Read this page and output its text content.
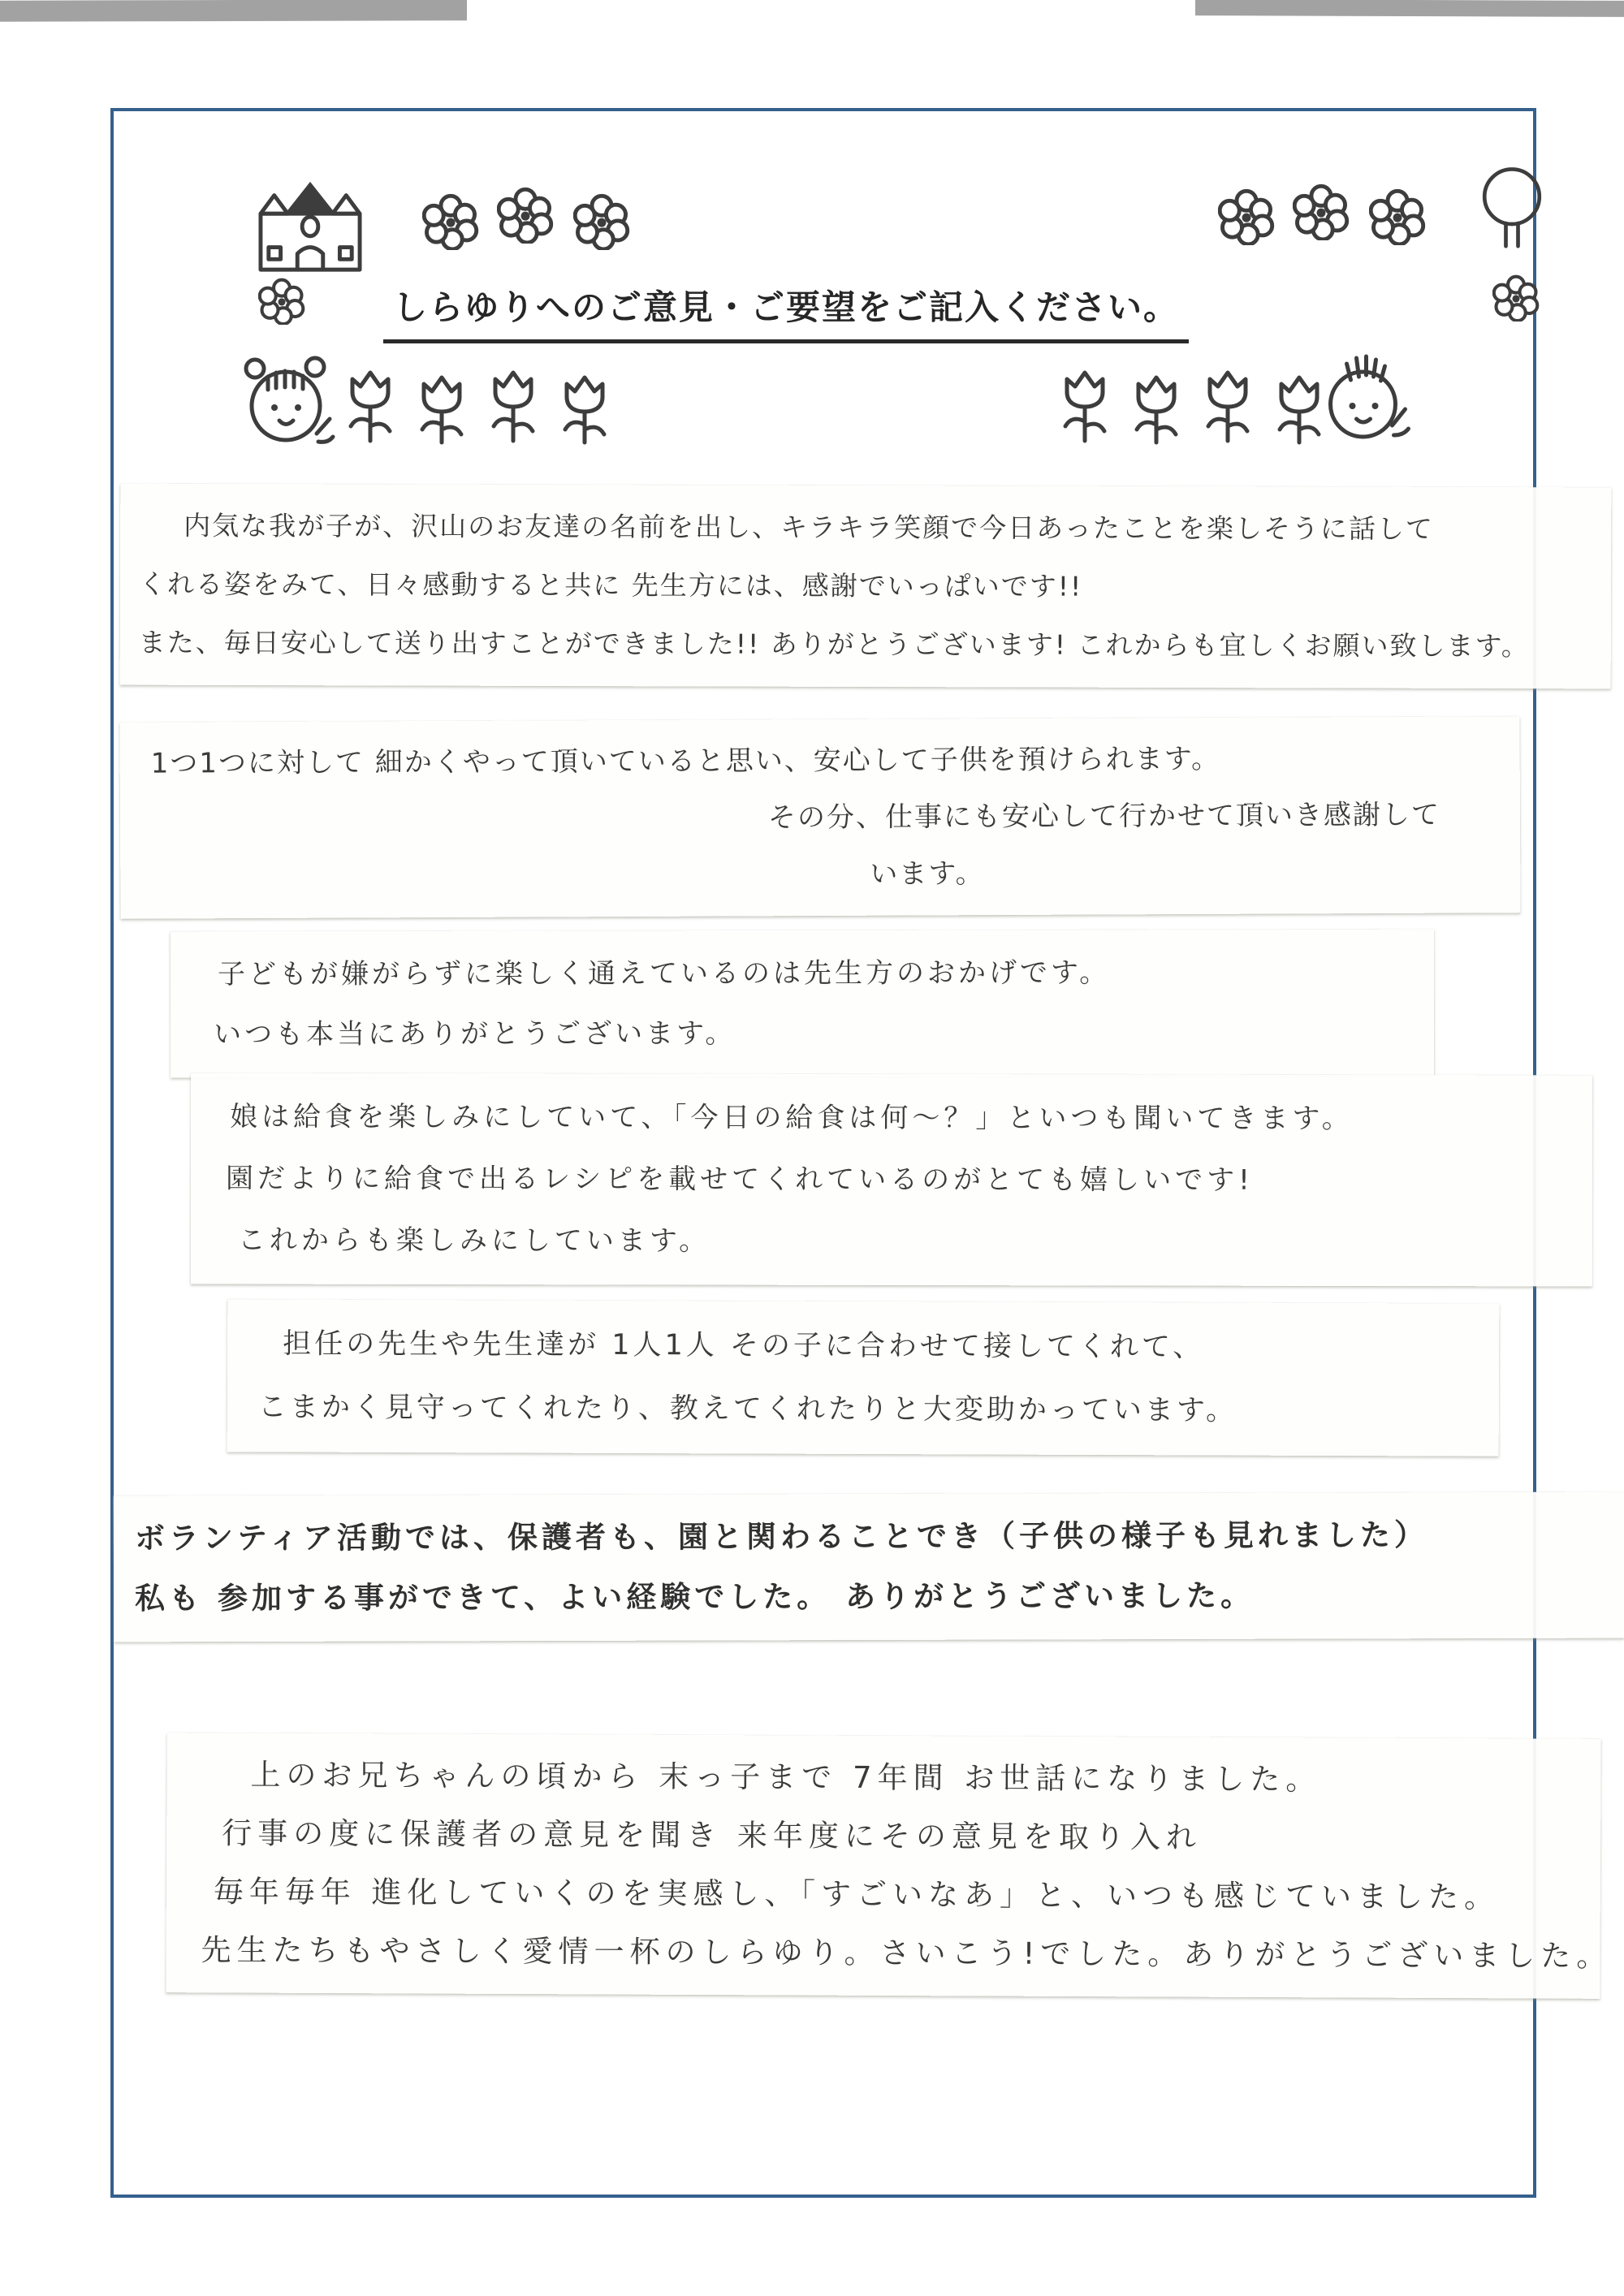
しらゆりへのご意見・ご要望をご記入ください。
内気な我が子が、沢山のお友達の名前を出し、キラキラ笑顔で今日あったことを楽しそうに話して
くれる姿をみて、日々感動すると共に 先生方には、感謝でいっぱいです!!
また、毎日安心して送り出すことができました!! ありがとうございます! これからも宜しくお願い致します。
1つ1つに対して 細かくやって頂いていると思い、安心して子供を預けられます。
その分、仕事にも安心して行かせて頂いき感謝して
います。
子どもが嫌がらずに楽しく通えているのは先生方のおかげです。
いつも本当にありがとうございます。
娘は給食を楽しみにしていて、「今日の給食は何〜？」といつも聞いてきます。
園だよりに給食で出るレシピを載せてくれているのがとても嬉しいです!
これからも楽しみにしています。
担任の先生や先生達が 1人1人 その子に合わせて接してくれて、
こまかく見守ってくれたり、教えてくれたりと大変助かっています。
ボランティア活動では、保護者も、園と関わることでき（子供の様子も見れました）
私も 参加する事ができて、よい経験でした。 ありがとうございました。
上のお兄ちゃんの頃から 末っ子まで 7年間 お世話になりました。
行事の度に保護者の意見を聞き 来年度にその意見を取り入れ
毎年毎年 進化していくのを実感し、「すごいなあ」と、いつも感じていました。
先生たちもやさしく愛情一杯のしらゆり。さいこう!でした。ありがとうございました。
